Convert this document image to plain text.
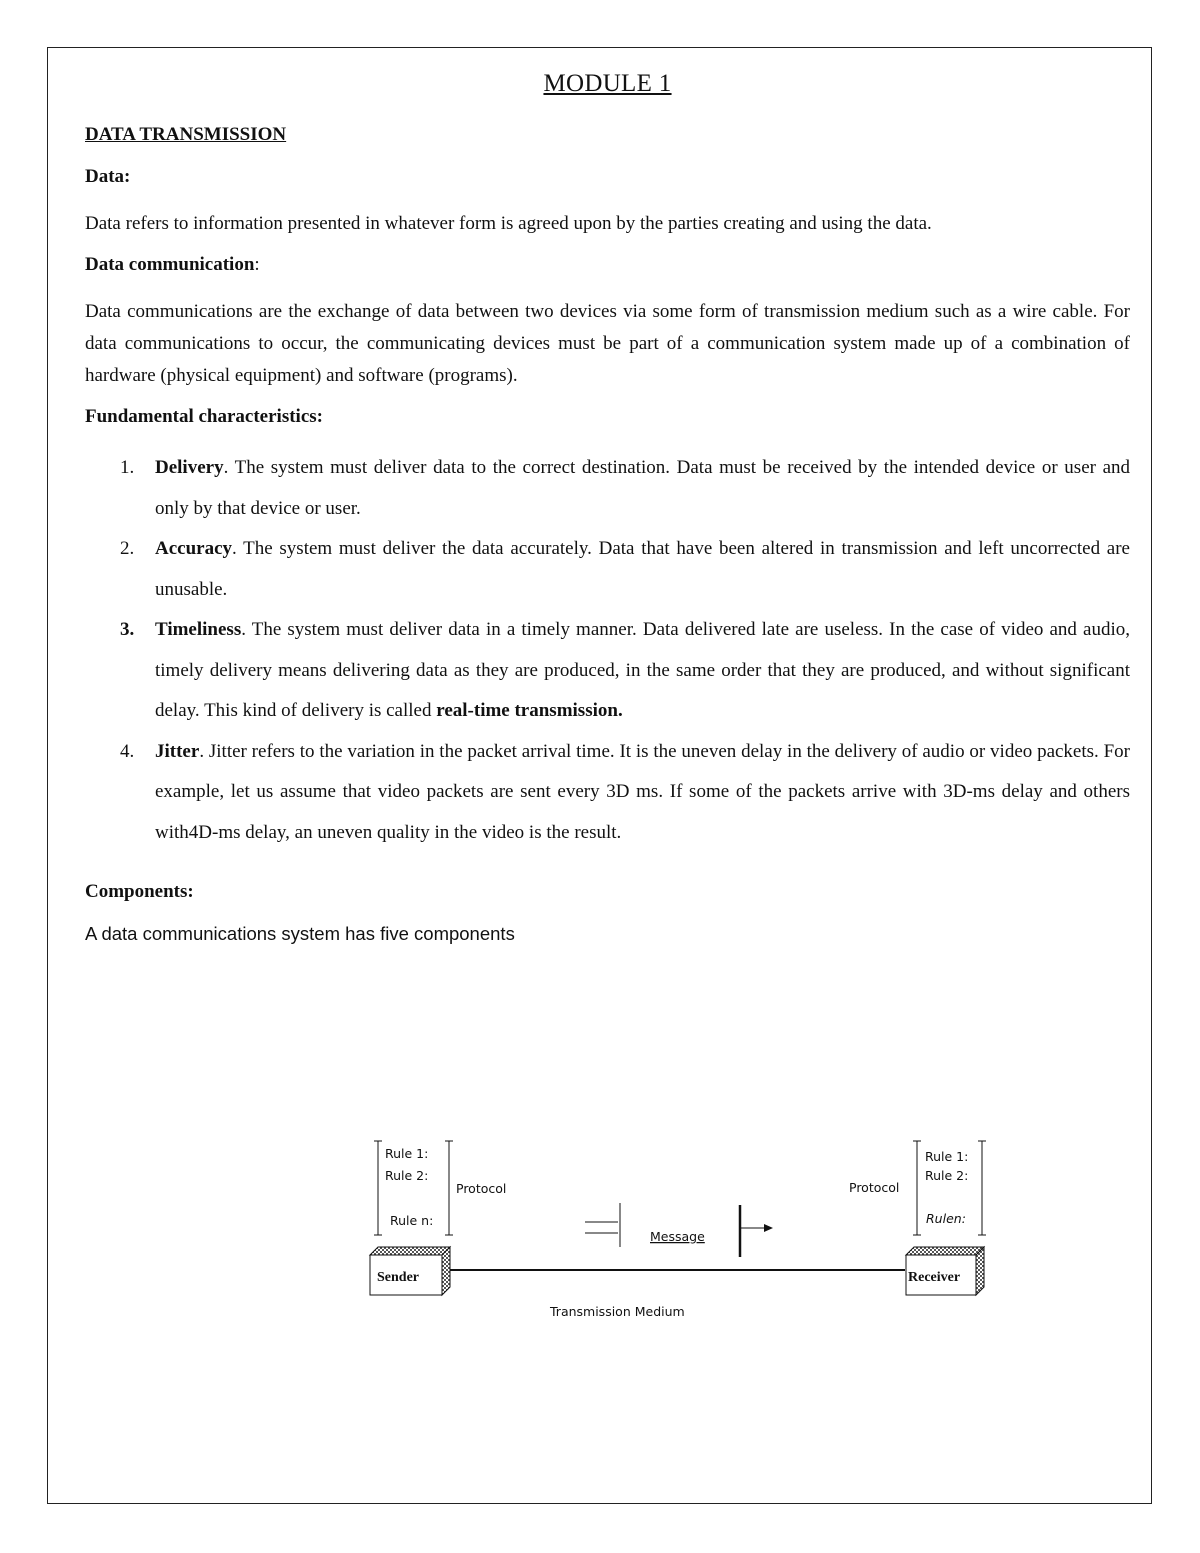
MODULE 1
DATA TRANSMISSION
Data:

Data refers to information presented in whatever form is agreed upon by the parties creating and using the data.

Data communication:

Data communications are the exchange of data between two devices via some form of transmission medium such as a wire cable. For data communications to occur, the communicating devices must be part of a communication system made up of a combination of hardware (physical equipment) and software (programs).

Fundamental characteristics:
1. Delivery. The system must deliver data to the correct destination. Data must be received by the intended device or user and only by that device or user.
2. Accuracy. The system must deliver the data accurately. Data that have been altered in transmission and left uncorrected are unusable.
3. Timeliness. The system must deliver data in a timely manner. Data delivered late are useless. In the case of video and audio, timely delivery means delivering data as they are produced, in the same order that they are produced, and without significant delay. This kind of delivery is called real-time transmission.
4. Jitter. Jitter refers to the variation in the packet arrival time. It is the uneven delay in the delivery of audio or video packets. For example, let us assume that video packets are sent every 3D ms. If some of the packets arrive with 3D-ms delay and others with4D-ms delay, an uneven quality in the video is the result.
Components:

A data communications system has five components

Rule 1:
Rule 2:
Rule n:
Protocol
Rule 1:
Rule 2:
Rulen:
Protocol
Message
Sender	Receiver
Transmission Medium
